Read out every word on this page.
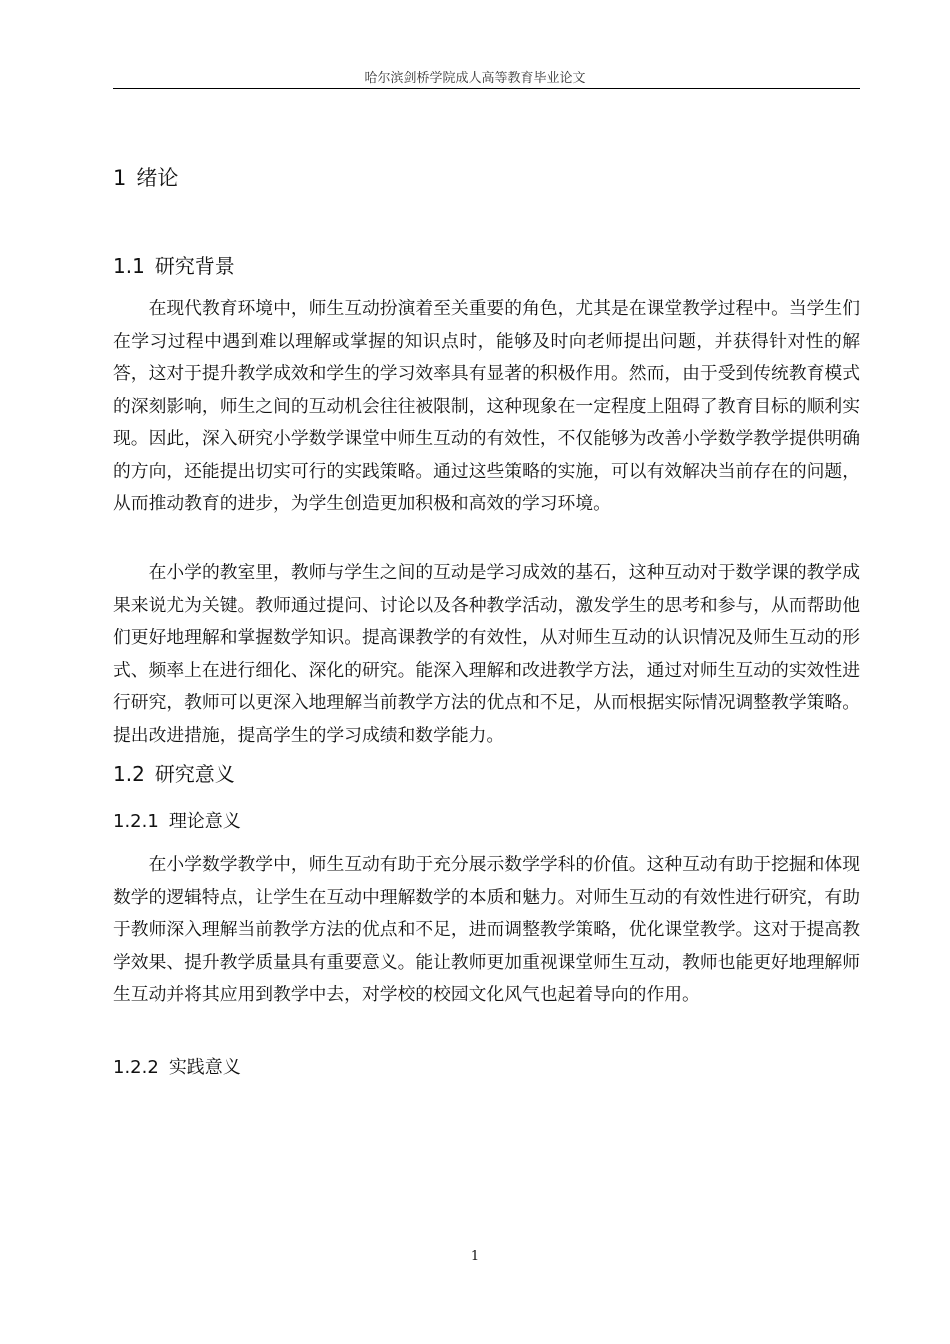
哈尔滨剑桥学院成人高等教育毕业论文
1 绪论
1.1 研究背景

在现代教育环境中，师生互动扮演着至关重要的角色，尤其是在课堂教学过程中。当学生们在学习过程中遇到难以理解或掌握的知识点时，能够及时向老师提出问题，并获得针对性的解答，这对于提升教学成效和学生的学习效率具有显著的积极作用。然而，由于受到传统教育模式的深刻影响，师生之间的互动机会往往被限制，这种现象在一定程度上阻碍了教育目标的顺利实现。因此，深入研究小学数学课堂中师生互动的有效性，不仅能够为改善小学数学教学提供明确的方向，还能提出切实可行的实践策略。通过这些策略的实施，可以有效解决当前存在的问题，从而推动教育的进步，为学生创造更加积极和高效的学习环境。

在小学的教室里，教师与学生之间的互动是学习成效的基石，这种互动对于数学课的教学成果来说尤为关键。教师通过提问、讨论以及各种教学活动，激发学生的思考和参与，从而帮助他们更好地理解和掌握数学知识。提高课教学的有效性，从对师生互动的认识情况及师生互动的形式、频率上在进行细化、深化的研究。能深入理解和改进教学方法，通过对师生互动的实效性进行研究，教师可以更深入地理解当前教学方法的优点和不足，从而根据实际情况调整教学策略。提出改进措施，提高学生的学习成绩和数学能力。

1.2 研究意义
1.2.1 理论意义

在小学数学教学中，师生互动有助于充分展示数学学科的价值。这种互动有助于挖掘和体现数学的逻辑特点，让学生在互动中理解数学的本质和魅力。对师生互动的有效性进行研究，有助于教师深入理解当前教学方法的优点和不足，进而调整教学策略，优化课堂教学。这对于提高教学效果、提升教学质量具有重要意义。能让教师更加重视课堂师生互动，教师也能更好地理解师生互动并将其应用到教学中去，对学校的校园文化风气也起着导向的作用。

1.2.2 实践意义
1
